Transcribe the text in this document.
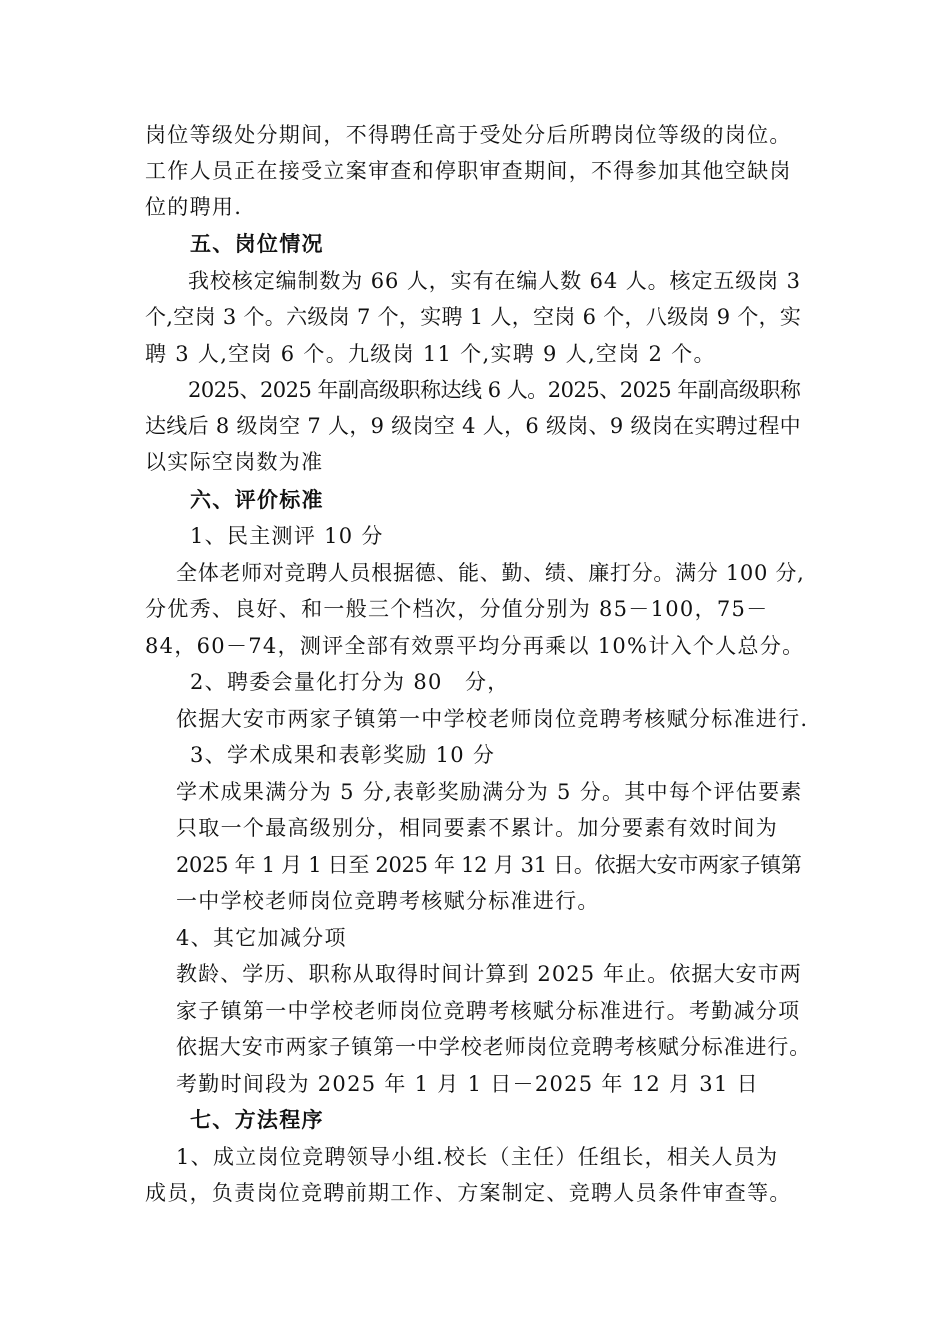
岗位等级处分期间，不得聘任高于受处分后所聘岗位等级的岗位。
工作人员正在接受立案审查和停职审查期间，不得参加其他空缺岗
位的聘用.
五、岗位情况
我校核定编制数为 66 人，实有在编人数 64 人。核定五级岗 3
个,空岗 3 个。六级岗 7 个，实聘 1 人，空岗 6 个，八级岗 9 个，实
聘 3 人,空岗 6 个。九级岗 11 个,实聘 9 人,空岗 2 个。
2025、2025 年副高级职称达线 6 人。2025、2025 年副高级职称
达线后 8 级岗空 7 人，9 级岗空 4 人，6 级岗、9 级岗在实聘过程中
以实际空岗数为准
六、评价标准
1、民主测评 10 分
全体老师对竞聘人员根据德、能、勤、绩、廉打分。满分 100 分,
分优秀、良好、和一般三个档次，分值分别为 85－100，75－
84，60－74，测评全部有效票平均分再乘以 10%计入个人总分。
2、聘委会量化打分为 80　分，
依据大安市两家子镇第一中学校老师岗位竞聘考核赋分标准进行.
3、学术成果和表彰奖励 10 分
学术成果满分为 5 分,表彰奖励满分为 5 分。其中每个评估要素
只取一个最高级别分，相同要素不累计。加分要素有效时间为
2025 年 1 月 1 日至 2025 年 12 月 31 日。依据大安市两家子镇第
一中学校老师岗位竞聘考核赋分标准进行。
4、其它加减分项
教龄、学历、职称从取得时间计算到 2025 年止。依据大安市两
家子镇第一中学校老师岗位竞聘考核赋分标准进行。考勤减分项
依据大安市两家子镇第一中学校老师岗位竞聘考核赋分标准进行。
考勤时间段为 2025 年 1 月 1 日－2025 年 12 月 31 日
七、方法程序
1、成立岗位竞聘领导小组.校长（主任）任组长，相关人员为
成员，负责岗位竞聘前期工作、方案制定、竞聘人员条件审查等。
